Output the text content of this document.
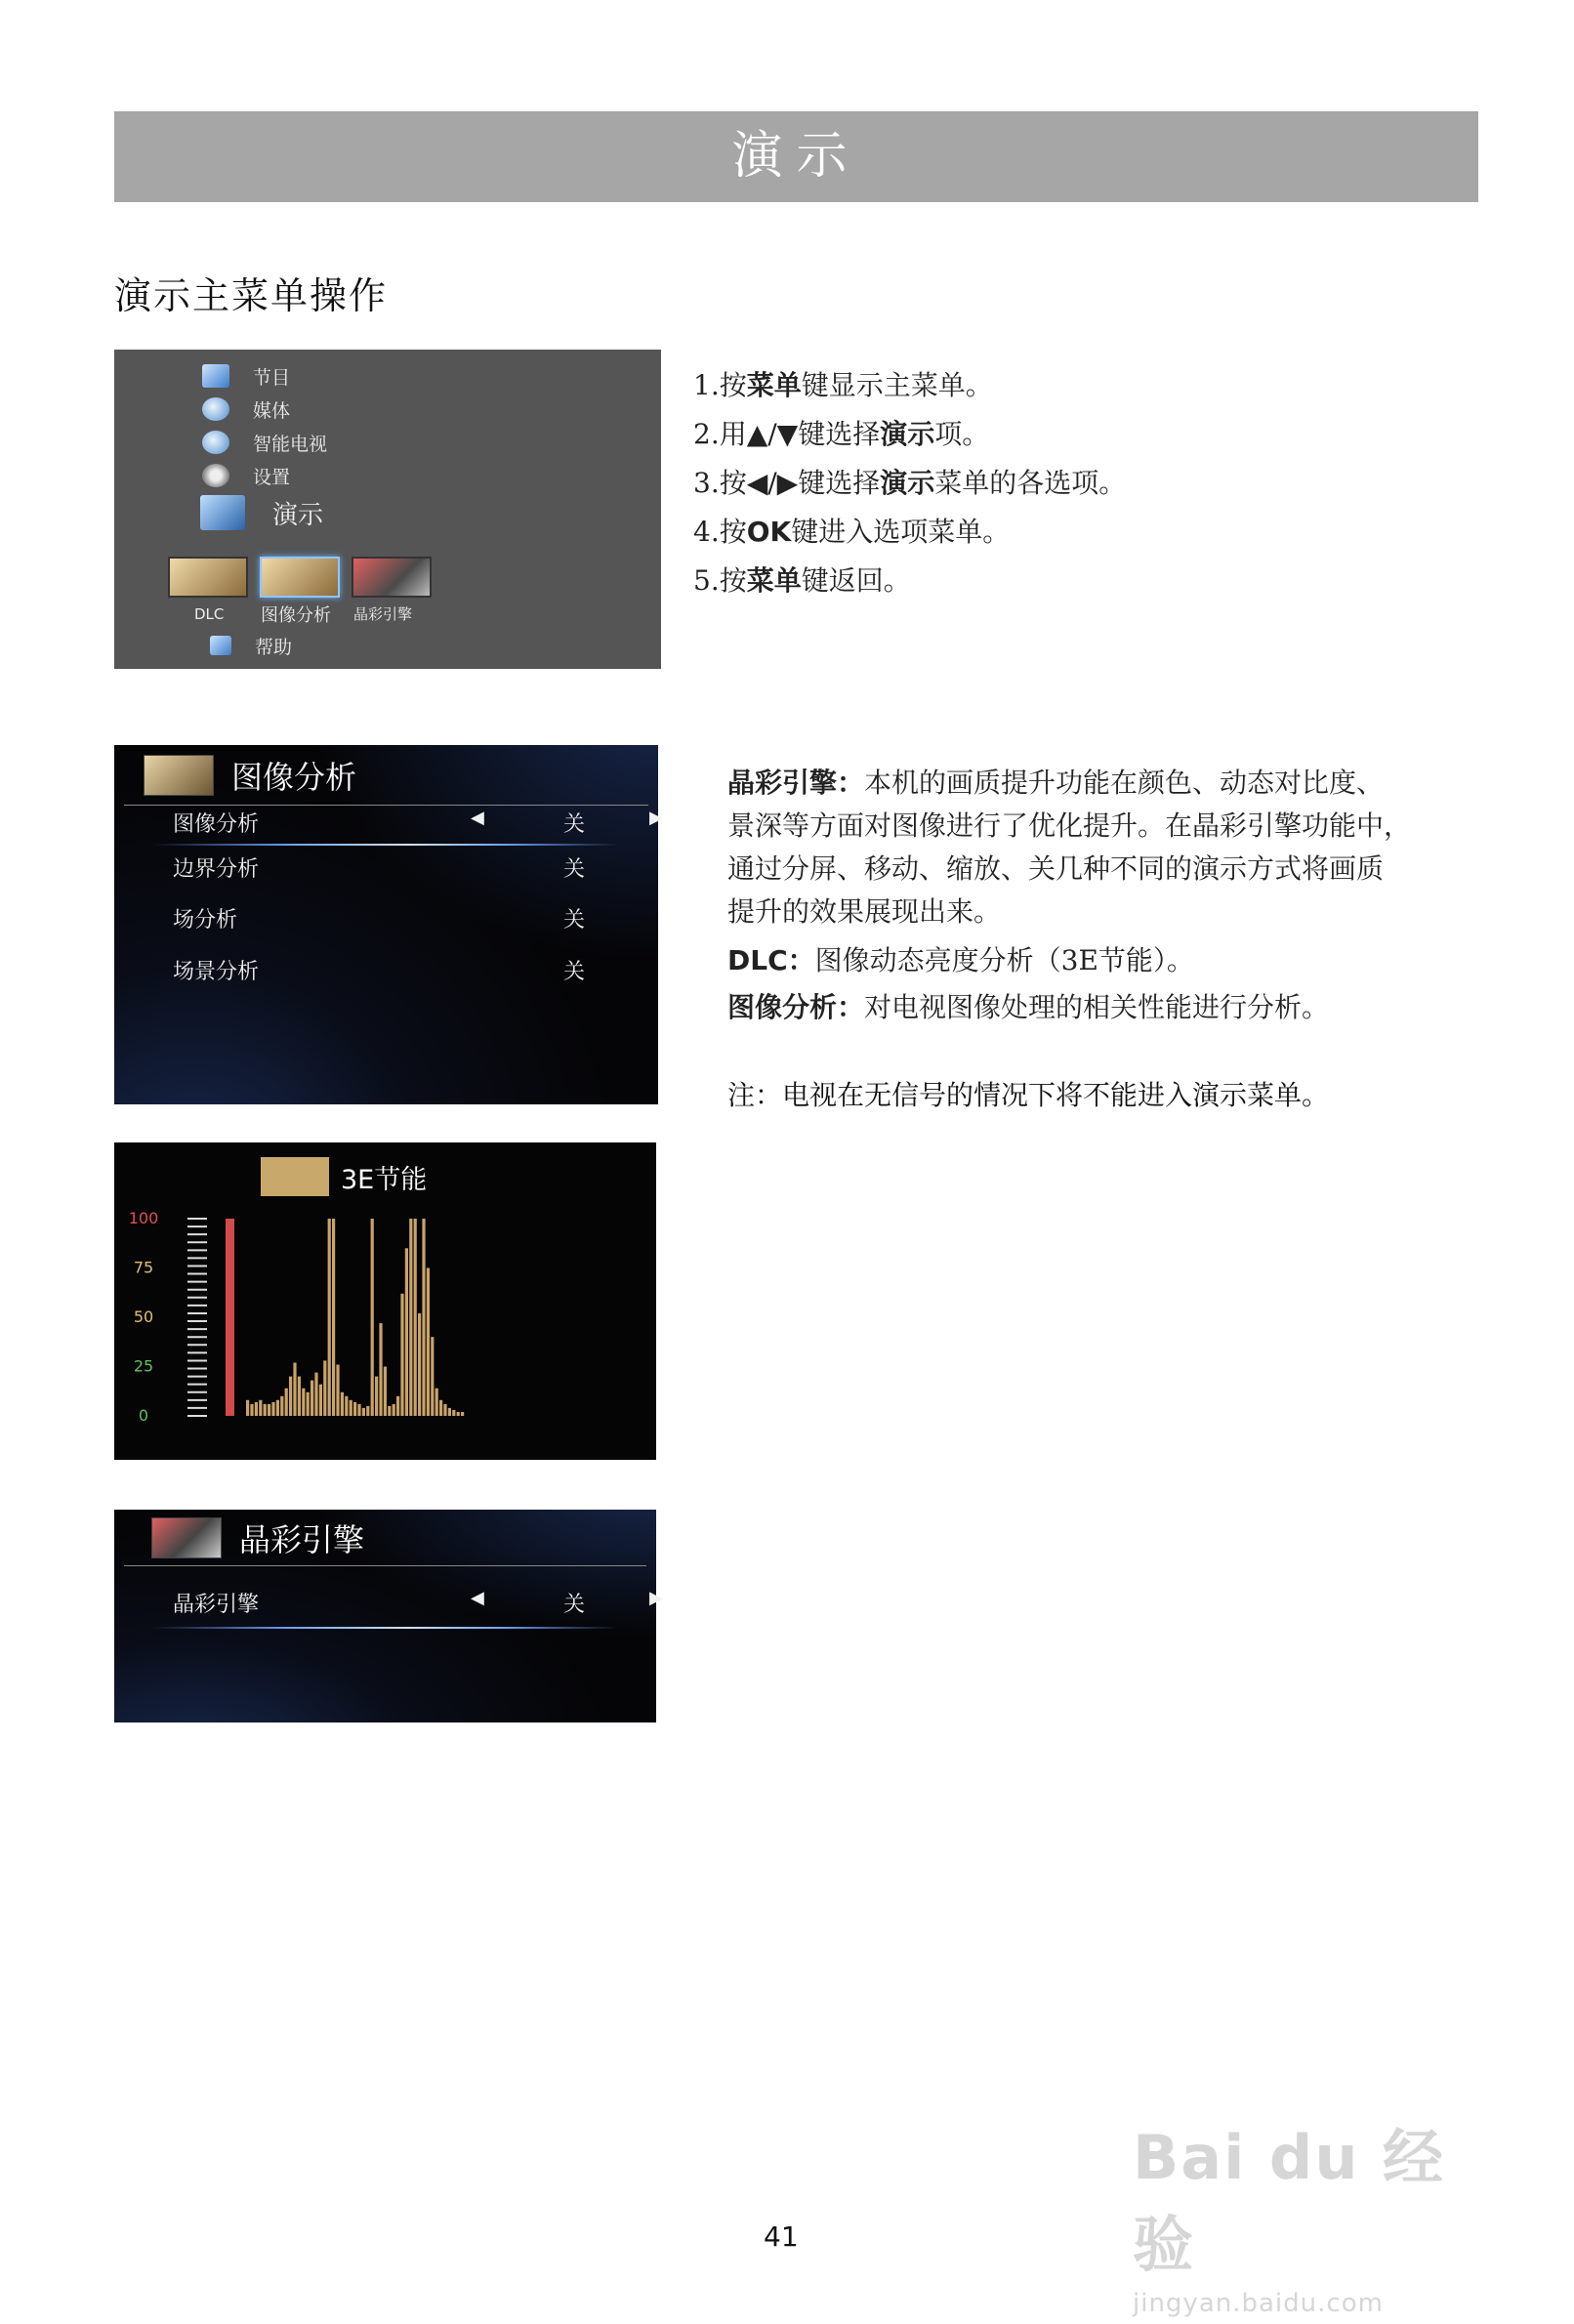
演示
演示主菜单操作
节目
媒体
智能电视
设置
演示
DLC	图像分析 晶彩引擎
帮助
1.按菜单键显示主菜单。
2.用▲/▼键选择演示项。
3.按◀/▶键选择演示菜单的各选项。
4.按OK键进入选项菜单。
5.按菜单键返回。
图像分析
图像分析	◀	关	▶
边界分析	关
场分析	关
场景分析	关
晶彩引擎：本机的画质提升功能在颜色、动态对比度、
景深等方面对图像进行了优化提升。在晶彩引擎功能中，
通过分屏、移动、缩放、关几种不同的演示方式将画质
提升的效果展现出来。
DLC：图像动态亮度分析（3E节能）。
图像分析：对电视图像处理的相关性能进行分析。
注：电视在无信号的情况下将不能进入演示菜单。
3E节能
100
75
50
25
0
晶彩引擎
晶彩引擎	◀	关	▶
41
Bai du 经验
jingyan.baidu.com
